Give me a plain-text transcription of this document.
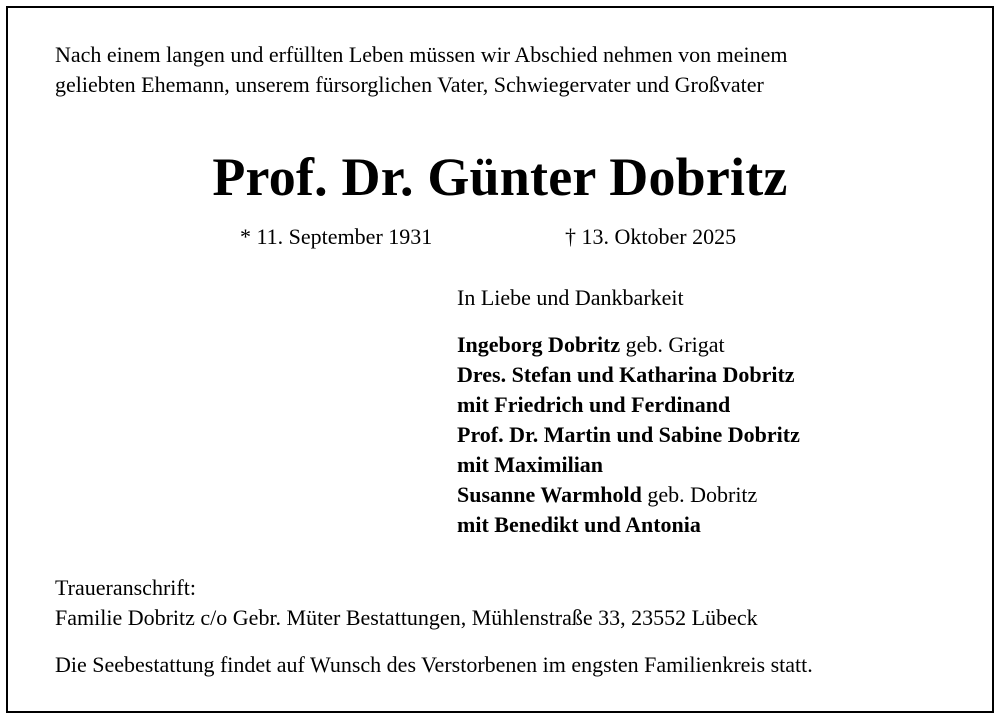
Nach einem langen und erfüllten Leben müssen wir Abschied nehmen von meinem
geliebten Ehemann, unserem fürsorglichen Vater, Schwiegervater und Großvater

Prof. Dr. Günter Dobritz
* 11. September 1931	† 13. Oktober 2025
In Liebe und Dankbarkeit
Ingeborg Dobritz geb. Grigat
Dres. Stefan und Katharina Dobritz
mit Friedrich und Ferdinand
Prof. Dr. Martin und Sabine Dobritz
mit Maximilian
Susanne Warmhold geb. Dobritz
mit Benedikt und Antonia

Traueranschrift:
Familie Dobritz c/o Gebr. Müter Bestattungen, Mühlenstraße 33, 23552 Lübeck

Die Seebestattung findet auf Wunsch des Verstorbenen im engsten Familienkreis statt.
